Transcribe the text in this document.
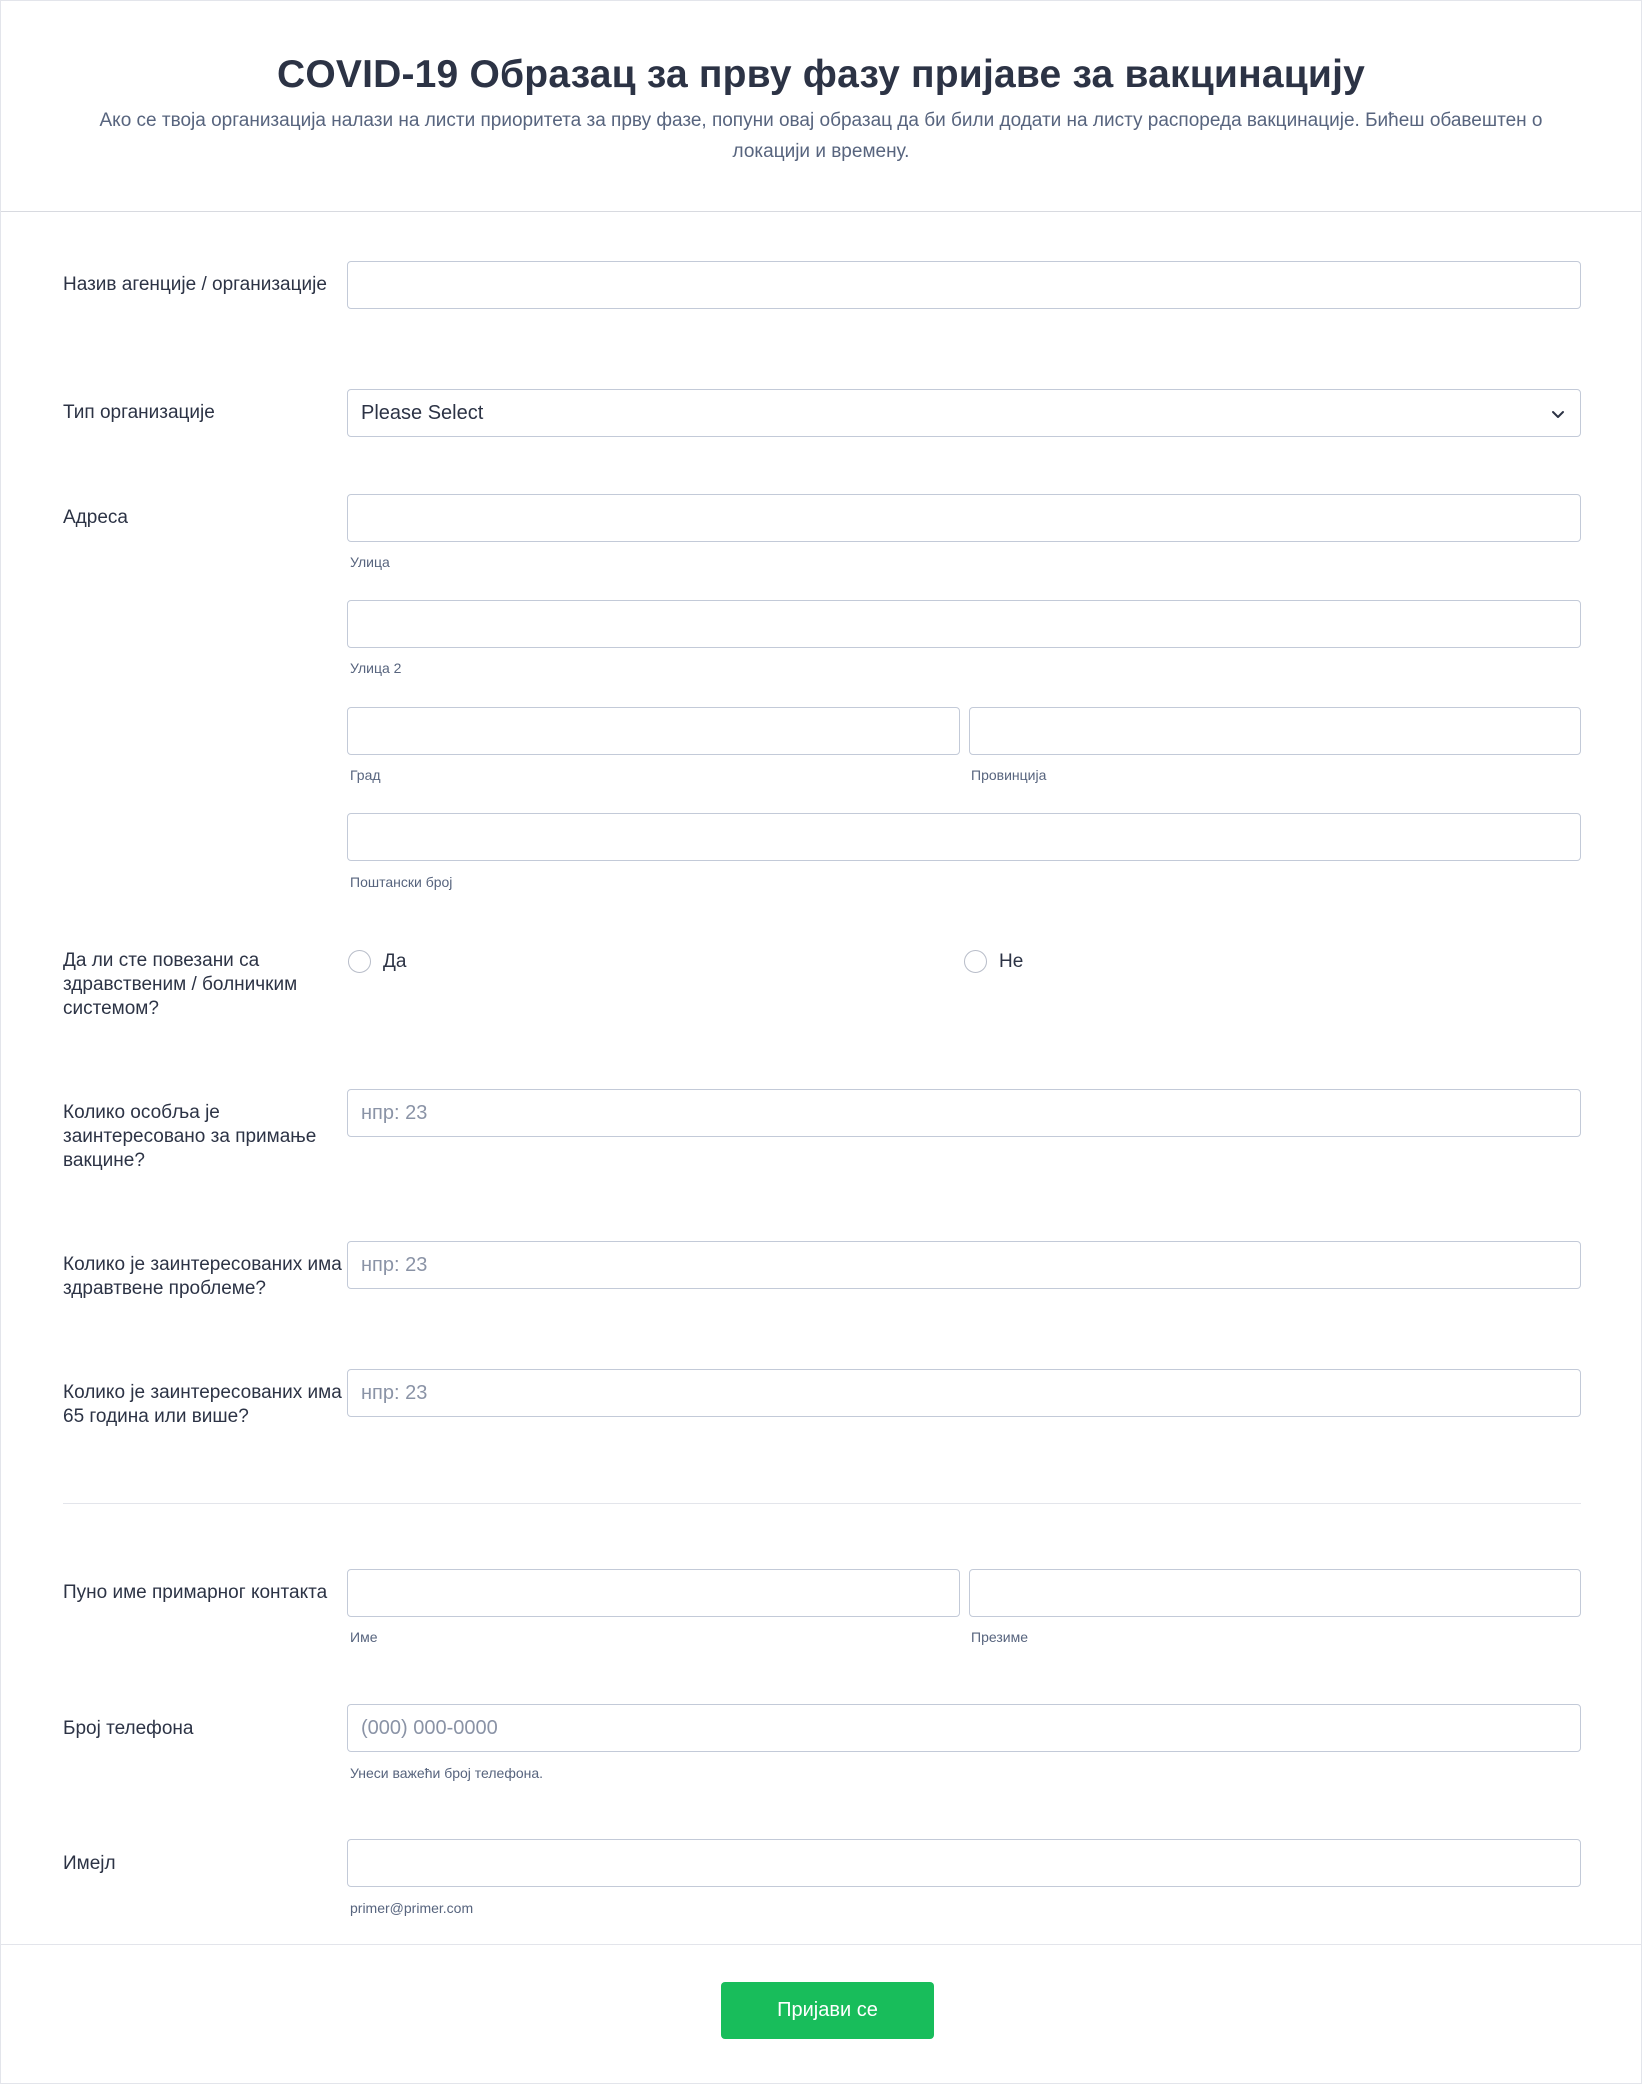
COVID-19 Образац за прву фазу пријаве за вакцинацију

Ако се твоја организација налази на листи приоритета за прву фазе, попуни овај образац да би били додати на листу распореда вакцинације. Бићеш обавештен о локацији и времену.

Назив агенције / организације
Тип организације	Please Select
Адреса
Улица
Улица 2
Град	Провинција
Поштански број
Да ли сте повезани са здравственим / болничким системом?
Да	Не
Колико особља је заинтересовано за примање вакцине?
нпр: 23
Колико је заинтересованих има здравтвене проблеме?
нпр: 23
Колико је заинтересованих има 65 година или више?
нпр: 23
Пуно име примарног контакта
Име	Презиме
Број телефона	(000) 000-0000
Унеси важећи број телефона.
Имејл
primer@primer.com
Пријави се
